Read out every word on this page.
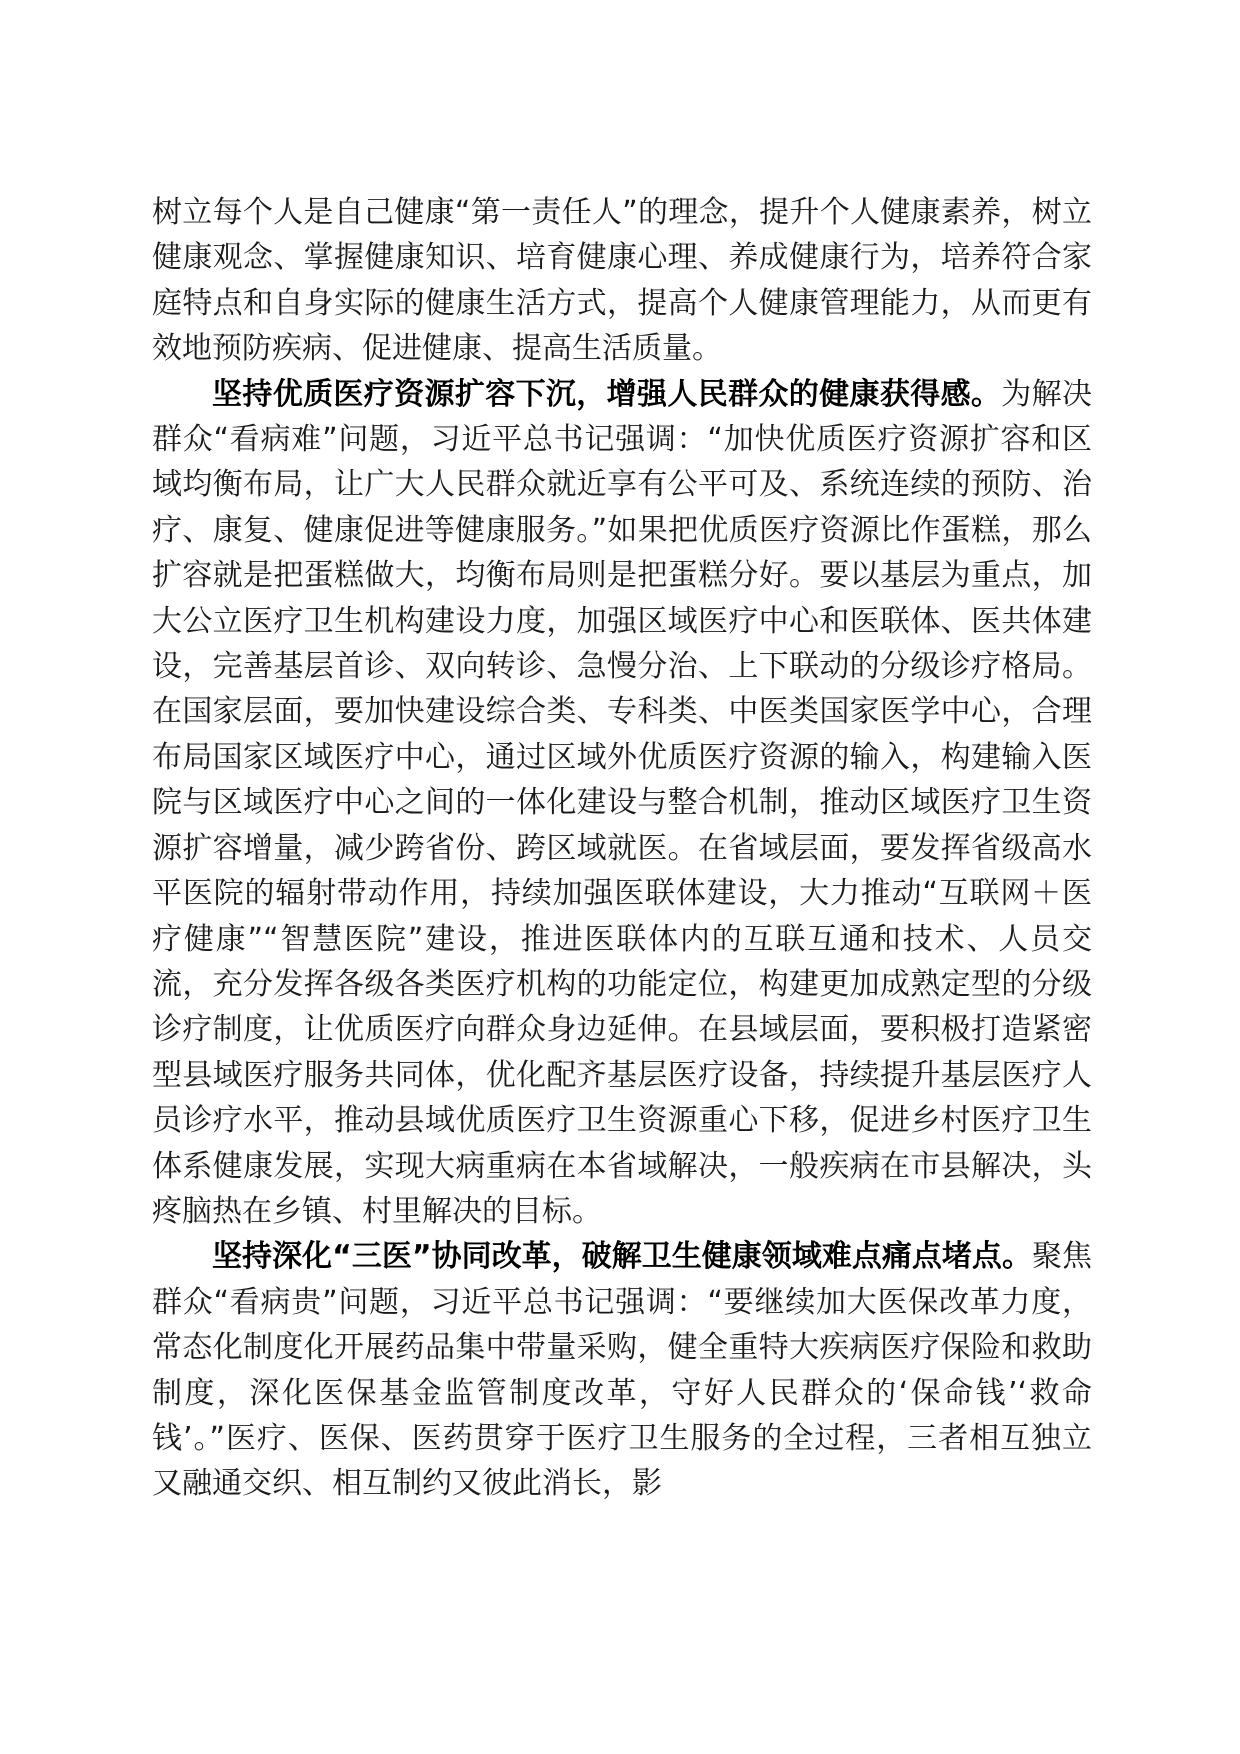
树立每个人是自己健康“第一责任人”的理念，提升个人健康素养，树立健康观念、掌握健康知识、培育健康心理、养成健康行为，培养符合家庭特点和自身实际的健康生活方式，提高个人健康管理能力，从而更有效地预防疾病、促进健康、提高生活质量。

坚持优质医疗资源扩容下沉，增强人民群众的健康获得感。为解决群众“看病难”问题，习近平总书记强调：“加快优质医疗资源扩容和区域均衡布局，让广大人民群众就近享有公平可及、系统连续的预防、治疗、康复、健康促进等健康服务。”如果把优质医疗资源比作蛋糕，那么扩容就是把蛋糕做大，均衡布局则是把蛋糕分好。要以基层为重点，加大公立医疗卫生机构建设力度，加强区域医疗中心和医联体、医共体建设，完善基层首诊、双向转诊、急慢分治、上下联动的分级诊疗格局。在国家层面，要加快建设综合类、专科类、中医类国家医学中心，合理布局国家区域医疗中心，通过区域外优质医疗资源的输入，构建输入医院与区域医疗中心之间的一体化建设与整合机制，推动区域医疗卫生资源扩容增量，减少跨省份、跨区域就医。在省域层面，要发挥省级高水平医院的辐射带动作用，持续加强医联体建设，大力推动“互联网＋医疗健康”“智慧医院”建设，推进医联体内的互联互通和技术、人员交流，充分发挥各级各类医疗机构的功能定位，构建更加成熟定型的分级诊疗制度，让优质医疗向群众身边延伸。在县域层面，要积极打造紧密型县域医疗服务共同体，优化配齐基层医疗设备，持续提升基层医疗人员诊疗水平，推动县域优质医疗卫生资源重心下移，促进乡村医疗卫生体系健康发展，实现大病重病在本省域解决，一般疾病在市县解决，头疼脑热在乡镇、村里解决的目标。

坚持深化“三医”协同改革，破解卫生健康领域难点痛点堵点。聚焦群众“看病贵”问题，习近平总书记强调：“要继续加大医保改革力度，常态化制度化开展药品集中带量采购，健全重特大疾病医疗保险和救助制度，深化医保基金监管制度改革，守好人民群众的‘保命钱’‘救命钱’。”医疗、医保、医药贯穿于医疗卫生服务的全过程，三者相互独立又融通交织、相互制约又彼此消长，影
